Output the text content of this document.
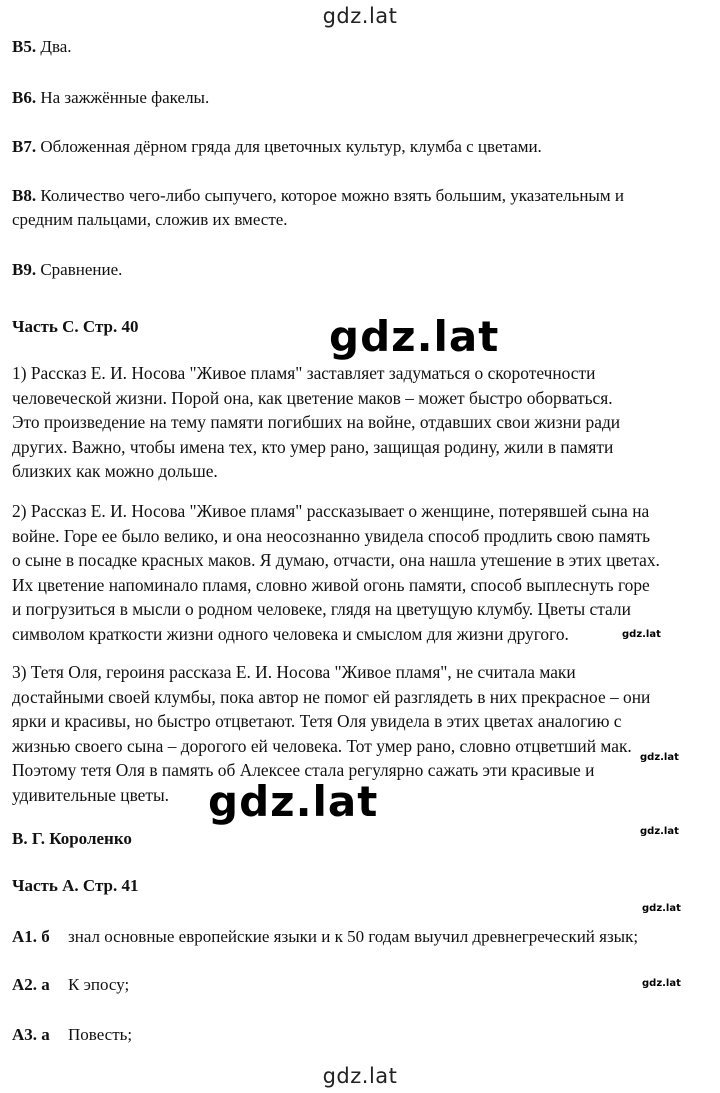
gdz.lat
В5. Два.
В6. На зажжённые факелы.
В7. Обложенная дёрном гряда для цветочных культур, клумба с цветами.
В8. Количество чего-либо сыпучего, которое можно взять большим, указательным и
средним пальцами, сложив их вместе.
В9. Сравнение.
Часть С. Стр. 40	gdz.lat
1) Рассказ Е. И. Носова "Живое пламя" заставляет задуматься о скоротечности
человеческой жизни. Порой она, как цветение маков – может быстро оборваться.
Это произведение на тему памяти погибших на войне, отдавших свои жизни ради
других. Важно, чтобы имена тех, кто умер рано, защищая родину, жили в памяти
близких как можно дольше.
2) Рассказ Е. И. Носова "Живое пламя" рассказывает о женщине, потерявшей сына на
войне. Горе ее было велико, и она неосознанно увидела способ продлить свою память
о сыне в посадке красных маков. Я думаю, отчасти, она нашла утешение в этих цветах.
Их цветение напоминало пламя, словно живой огонь памяти, способ выплеснуть горе
и погрузиться в мысли о родном человеке, глядя на цветущую клумбу. Цветы стали
символом краткости жизни одного человека и смыслом для жизни другого.	gdz.lat
3) Тетя Оля, героиня рассказа Е. И. Носова "Живое пламя", не считала маки
достайными своей клумбы, пока автор не помог ей разглядеть в них прекрасное – они
ярки и красивы, но быстро отцветают. Тетя Оля увидела в этих цветах аналогию с
жизнью своего сына – дорогого ей человека. Тот умер рано, словно отцветший мак.
Поэтому тетя Оля в память об Алексее стала регулярно сажать эти красивые и
удивительные цветы.
gdz.lat
gdz.lat
В. Г. Короленко	gdz.lat
Часть А. Стр. 41
gdz.lat
А1. б знал основные европейские языки и к 50 годам выучил древнегреческий язык;
gdz.lat
А2. а К эпосу;
А3. а Повесть;
gdz.lat
